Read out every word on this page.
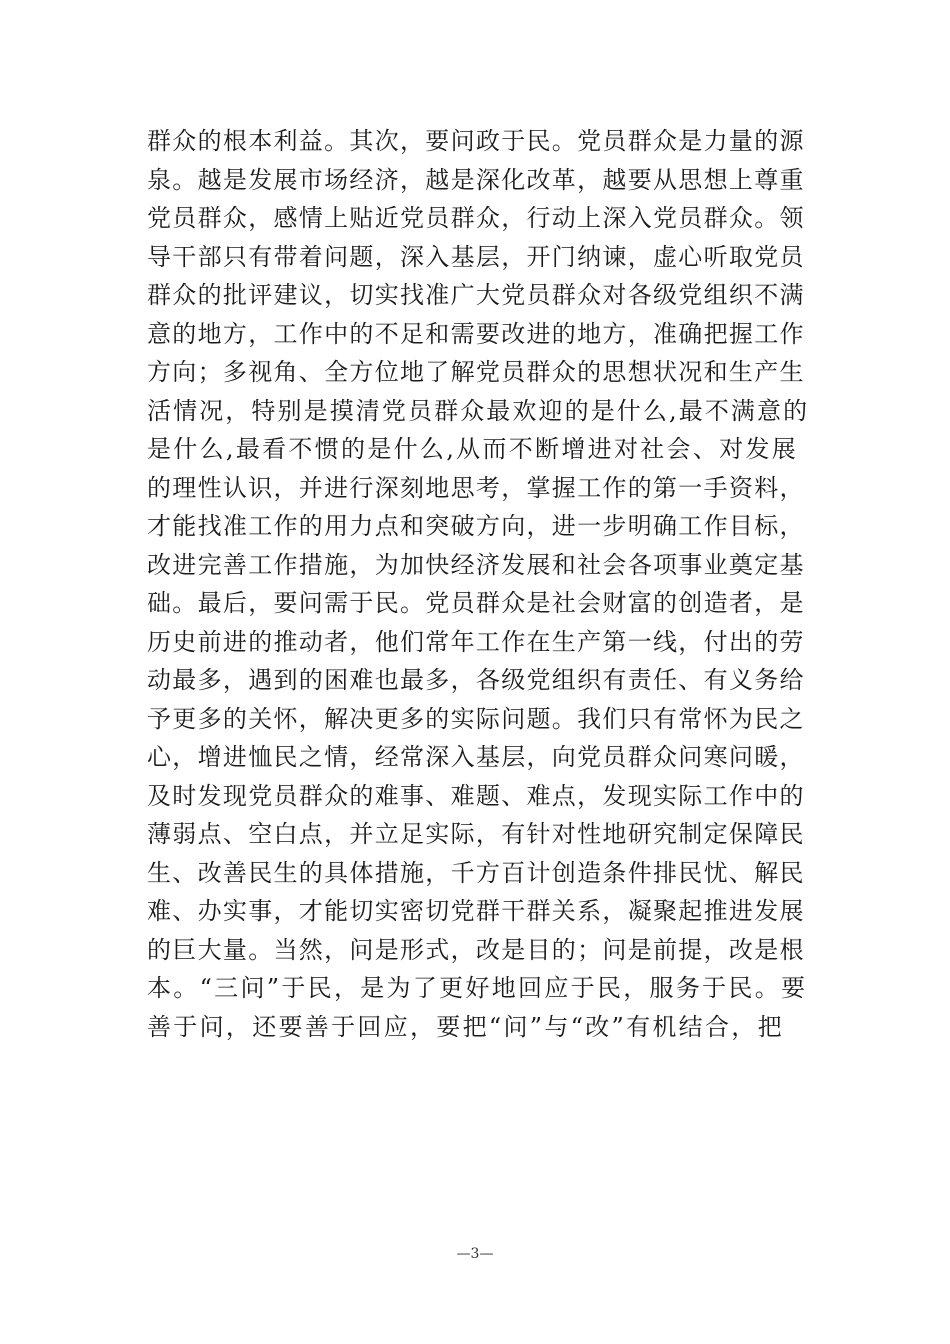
群众的根本利益。其次，要问政于民。党员群众是力量的源
泉。越是发展市场经济，越是深化改革，越要从思想上尊重
党员群众，感情上贴近党员群众，行动上深入党员群众。领
导干部只有带着问题，深入基层，开门纳谏，虚心听取党员
群众的批评建议，切实找准广大党员群众对各级党组织不满
意的地方，工作中的不足和需要改进的地方，准确把握工作
方向；多视角、全方位地了解党员群众的思想状况和生产生
活情况，特别是摸清党员群众最欢迎的是什么,最不满意的
是什么,最看不惯的是什么,从而不断增进对社会、对发展
的理性认识，并进行深刻地思考，掌握工作的第一手资料，
才能找准工作的用力点和突破方向，进一步明确工作目标，
改进完善工作措施，为加快经济发展和社会各项事业奠定基
础。最后，要问需于民。党员群众是社会财富的创造者，是
历史前进的推动者，他们常年工作在生产第一线，付出的劳
动最多，遇到的困难也最多，各级党组织有责任、有义务给
予更多的关怀，解决更多的实际问题。我们只有常怀为民之
心，增进恤民之情，经常深入基层，向党员群众问寒问暖，
及时发现党员群众的难事、难题、难点，发现实际工作中的
薄弱点、空白点，并立足实际，有针对性地研究制定保障民
生、改善民生的具体措施，千方百计创造条件排民忧、解民
难、办实事，才能切实密切党群干群关系，凝聚起推进发展
的巨大量。当然，问是形式，改是目的；问是前提，改是根
本。“三问”于民，是为了更好地回应于民，服务于民。要
善于问，还要善于回应，要把“问”与“改”有机结合，把
—3—
